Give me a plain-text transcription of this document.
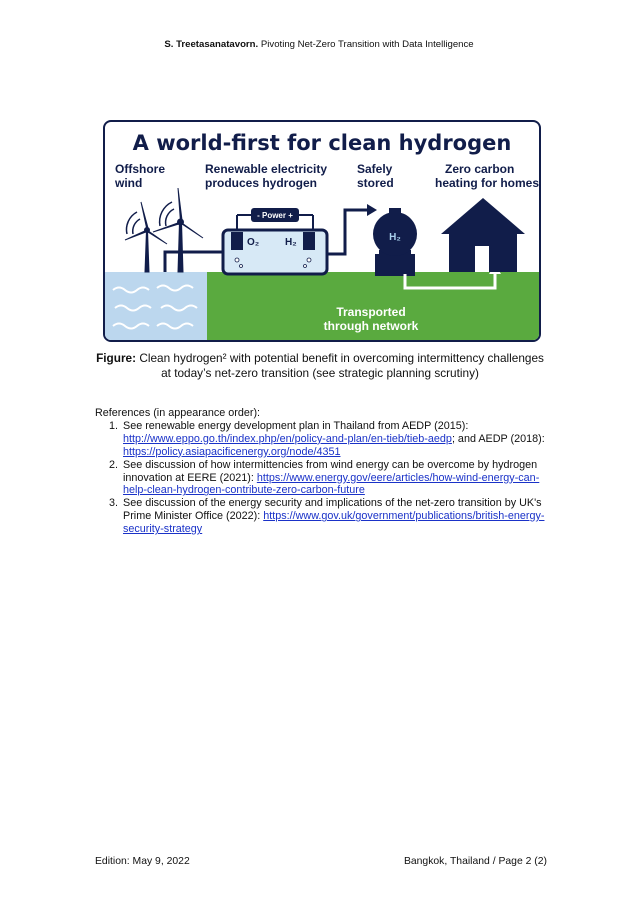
S. Treetasanatavorn. Pivoting Net-Zero Transition with Data Intelligence
A world-first for clean hydrogen
Offshore
wind
Renewable electricity
produces hydrogen
Safely
stored
Zero carbon
heating for homes
- Power +
O₂	H₂	H₂
Transported
through network
Figure: Clean hydrogen² with potential benefit in overcoming intermittency challenges at today’s net-zero transition (see strategic planning scrutiny)
References (in appearance order):
1. See renewable energy development plan in Thailand from AEDP (2015): http://www.eppo.go.th/index.php/en/policy-and-plan/en-tieb/tieb-aedp; and AEDP (2018): https://policy.asiapacificenergy.org/node/4351
2. See discussion of how intermittencies from wind energy can be overcome by hydrogen innovation at EERE (2021): https://www.energy.gov/eere/articles/how-wind-energy-can-help-clean-hydrogen-contribute-zero-carbon-future
3. See discussion of the energy security and implications of the net-zero transition by UK's Prime Minister Office (2022): https://www.gov.uk/government/publications/british-energy-security-strategy
Edition: May 9, 2022	Bangkok, Thailand / Page 2 (2)
